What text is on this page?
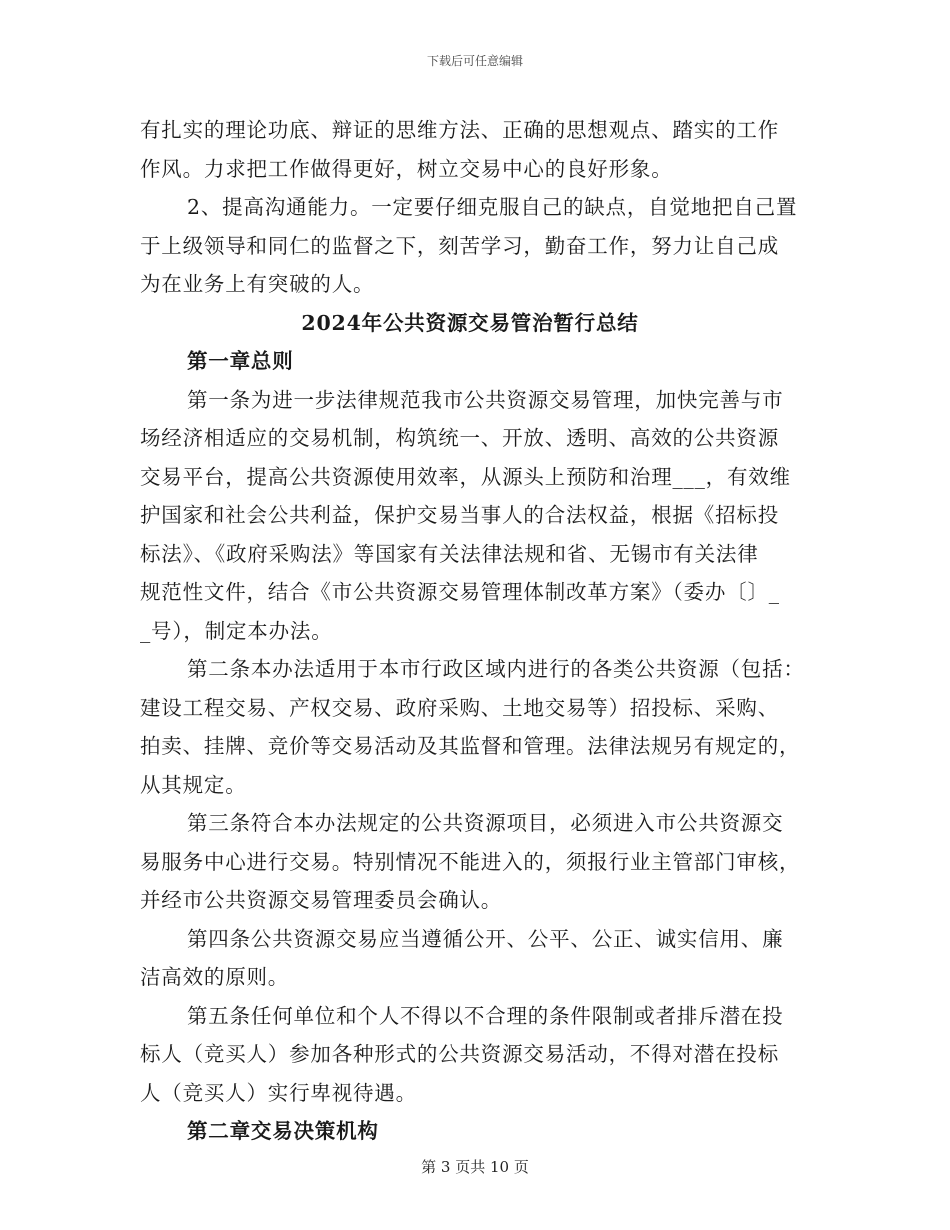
下载后可任意编辑
有扎实的理论功底、辩证的思维方法、正确的思想观点、踏实的工作
作风。力求把工作做得更好，树立交易中心的良好形象。
2、提高沟通能力。一定要仔细克服自己的缺点，自觉地把自己置
于上级领导和同仁的监督之下，刻苦学习，勤奋工作，努力让自己成
为在业务上有突破的人。
2024年公共资源交易管治暂行总结
第一章总则
第一条为进一步法律规范我市公共资源交易管理，加快完善与市
场经济相适应的交易机制，构筑统一、开放、透明、高效的公共资源
交易平台，提高公共资源使用效率，从源头上预防和治理___，有效维
护国家和社会公共利益，保护交易当事人的合法权益，根据《招标投
标法》、《政府采购法》等国家有关法律法规和省、无锡市有关法律
规范性文件，结合《市公共资源交易管理体制改革方案》（委办〔〕_
_号），制定本办法。
第二条本办法适用于本市行政区域内进行的各类公共资源（包括：
建设工程交易、产权交易、政府采购、土地交易等）招投标、采购、
拍卖、挂牌、竞价等交易活动及其监督和管理。法律法规另有规定的，
从其规定。
第三条符合本办法规定的公共资源项目，必须进入市公共资源交
易服务中心进行交易。特别情况不能进入的，须报行业主管部门审核，
并经市公共资源交易管理委员会确认。
第四条公共资源交易应当遵循公开、公平、公正、诚实信用、廉
洁高效的原则。
第五条任何单位和个人不得以不合理的条件限制或者排斥潜在投
标人（竞买人）参加各种形式的公共资源交易活动，不得对潜在投标
人（竞买人）实行卑视待遇。
第二章交易决策机构
第 3 页共 10 页
